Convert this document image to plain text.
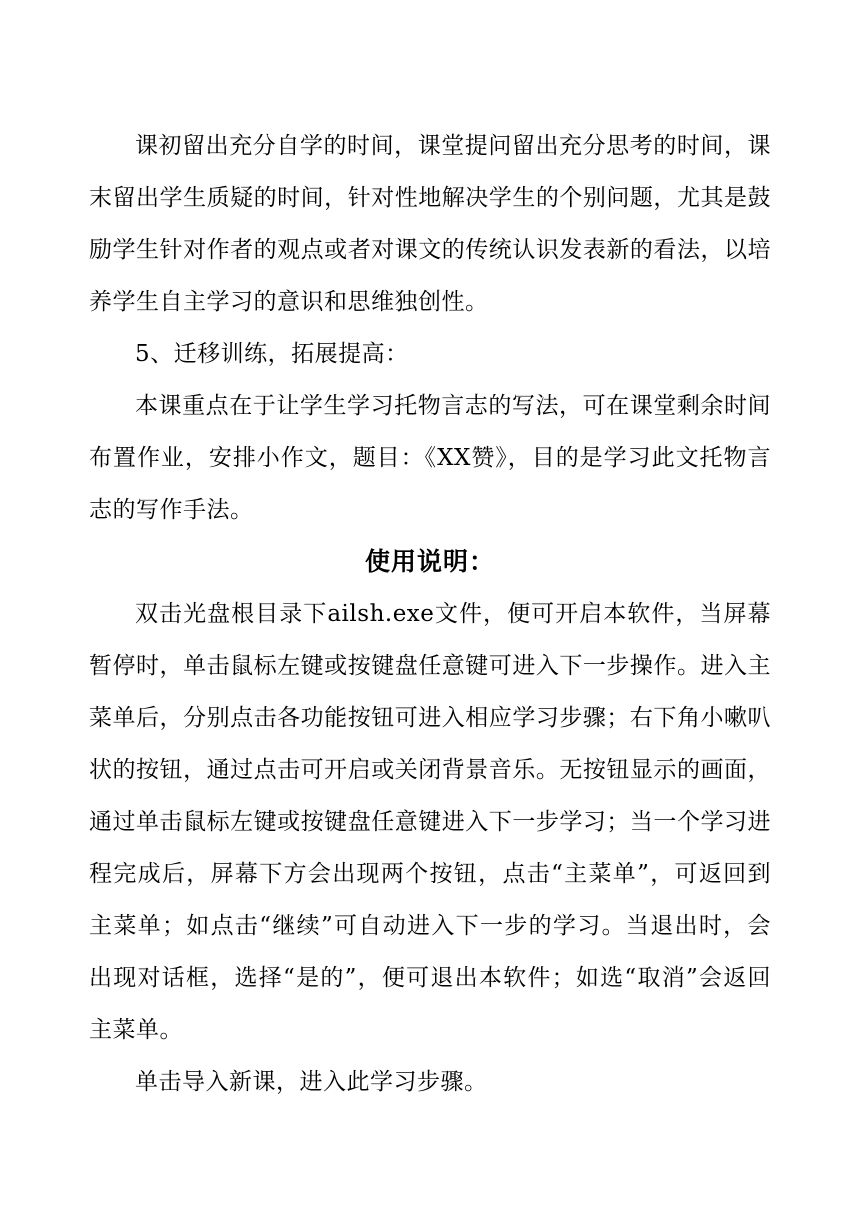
课初留出充分自学的时间，课堂提问留出充分思考的时间，课末留出学生质疑的时间，针对性地解决学生的个别问题，尤其是鼓励学生针对作者的观点或者对课文的传统认识发表新的看法，以培养学生自主学习的意识和思维独创性。

5、迁移训练，拓展提高：

本课重点在于让学生学习托物言志的写法，可在课堂剩余时间布置作业，安排小作文，题目：《XX赞》，目的是学习此文托物言志的写作手法。

使用说明：

双击光盘根目录下ailsh.exe文件，便可开启本软件，当屏幕暂停时，单击鼠标左键或按键盘任意键可进入下一步操作。进入主菜单后，分别点击各功能按钮可进入相应学习步骤；右下角小嗽叭状的按钮，通过点击可开启或关闭背景音乐。无按钮显示的画面，通过单击鼠标左键或按键盘任意键进入下一步学习；当一个学习进程完成后，屏幕下方会出现两个按钮，点击“主菜单”，可返回到主菜单；如点击“继续”可自动进入下一步的学习。当退出时，会出现对话框，选择“是的”，便可退出本软件；如选“取消”会返回主菜单。

单击导入新课，进入此学习步骤。
